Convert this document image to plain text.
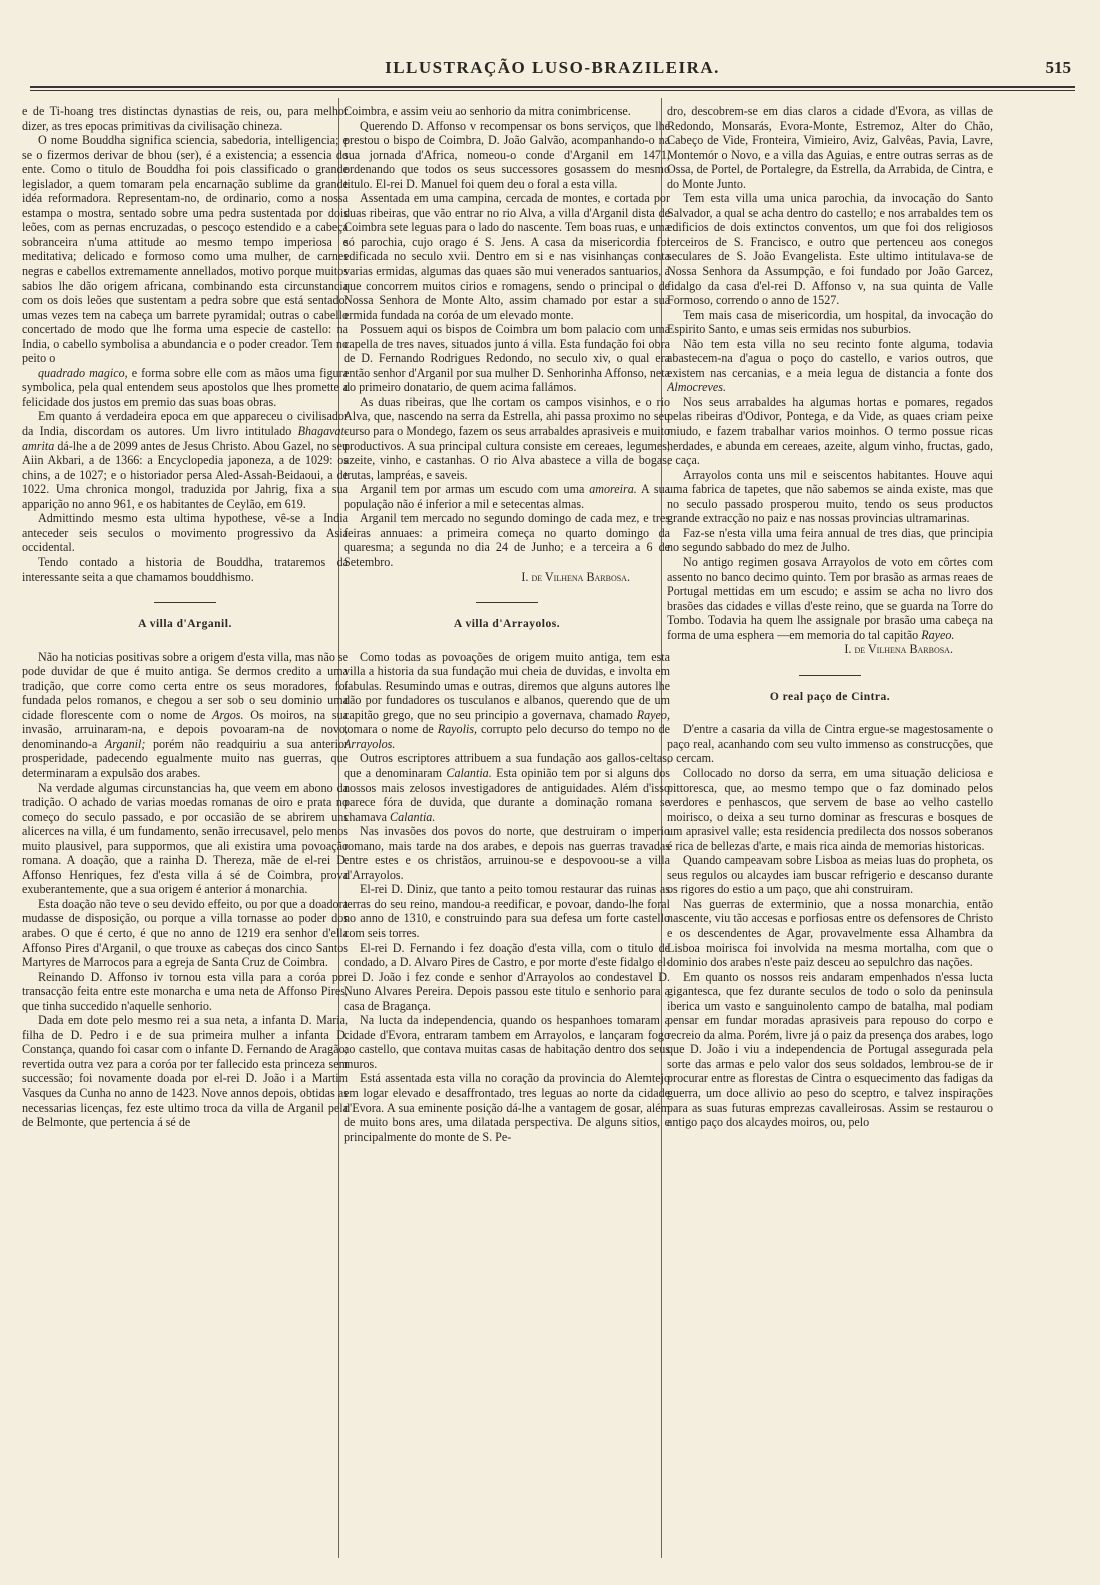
ILLUSTRAÇÃO LUSO-BRAZILEIRA.	515

e de Ti-hoang tres distinctas dynastias de reis, ou, para melhor dizer, as tres epocas primitivas da civilisação chineza.

O nome Bouddha significa sciencia, sabedoria, intelligencia; e se o fizermos derivar de bhou (ser), é a existencia; a essencia do ente. Como o titulo de Bouddha foi pois classificado o grande legislador, a quem tomaram pela encarnação sublime da grande idéa reformadora. Representam-no, de ordinario, como a nossa estampa o mostra, sentado sobre uma pedra sustentada por dois leões, com as pernas encruzadas, o pescoço estendido e a cabeça sobranceira n'uma attitude ao mesmo tempo imperiosa e meditativa; delicado e formoso como uma mulher, de carnes negras e cabellos extremamente annellados, motivo porque muitos sabios lhe dão origem africana, combinando esta circunstancia com os dois leões que sustentam a pedra sobre que está sentado: umas vezes tem na cabeça um barrete pyramidal; outras o cabello concertado de modo que lhe forma uma especie de castello: na India, o cabello symbolisa a abundancia e o poder creador. Tem no peito o

quadrado magico, e forma sobre elle com as mãos uma figura symbolica, pela qual entendem seus apostolos que lhes promette a felicidade dos justos em premio das suas boas obras.

Em quanto á verdadeira epoca em que appareceu o civilisador da India, discordam os autores. Um livro intitulado Bhagavat-amrita dá-lhe a de 2099 antes de Jesus Christo. Abou Gazel, no seu Aiin Akbari, a de 1366: a Encyclopedia japoneza, a de 1029: os chins, a de 1027; e o historiador persa Aled-Assah-Beidaoui, a de 1022. Uma chronica mongol, traduzida por Jahrig, fixa a sua apparição no anno 961, e os habitantes de Ceylão, em 619.

Admittindo mesmo esta ultima hypothese, vê-se a India anteceder seis seculos o movimento progressivo da Asia occidental.

Tendo contado a historia de Bouddha, trataremos da interessante seita a que chamamos bouddhismo.

A villa d'Arganil.

Não ha noticias positivas sobre a origem d'esta villa, mas não se pode duvidar de que é muito antiga. Se dermos credito a uma tradição, que corre como certa entre os seus moradores, foi fundada pelos romanos, e chegou a ser sob o seu dominio uma cidade florescente com o nome de Argos. Os moiros, na sua invasão, arruinaram-na, e depois povoaram-na de novo, denominando-a Arganil; porém não readquiriu a sua anterior prosperidade, padecendo egualmente muito nas guerras, que determinaram a expulsão dos arabes.

Na verdade algumas circunstancias ha, que veem em abono da tradição. O achado de varias moedas romanas de oiro e prata no começo do seculo passado, e por occasião de se abrirem uns alicerces na villa, é um fundamento, senão irrecusavel, pelo menos muito plausivel, para suppormos, que ali existira uma povoação romana. A doação, que a rainha D. Thereza, mãe de el-rei D. Affonso Henriques, fez d'esta villa á sé de Coimbra, prova exuberantemente, que a sua origem é anterior á monarchia.

Esta doação não teve o seu devido effeito, ou por que a doadora mudasse de disposição, ou porque a villa tornasse ao poder dos arabes. O que é certo, é que no anno de 1219 era senhor d'ella Affonso Pires d'Arganil, o que trouxe as cabeças dos cinco Santos Martyres de Marrocos para a egreja de Santa Cruz de Coimbra.

Reinando D. Affonso iv tornou esta villa para a coróa por transacção feita entre este monarcha e uma neta de Affonso Pires, que tinha succedido n'aquelle senhorio.

Dada em dote pelo mesmo rei a sua neta, a infanta D. Maria, filha de D. Pedro i e de sua primeira mulher a infanta D. Constança, quando foi casar com o infante D. Fernando de Aragão; revertida outra vez para a coróa por ter fallecido esta princeza sem successão; foi novamente doada por el-rei D. João i a Martim Vasques da Cunha no anno de 1423. Nove annos depois, obtidas as necessarias licenças, fez este ultimo troca da villa de Arganil pela de Belmonte, que pertencia á sé de

Coimbra, e assim veiu ao senhorio da mitra conimbricense.

Querendo D. Affonso v recompensar os bons serviços, que lhe prestou o bispo de Coimbra, D. João Galvão, acompanhando-o na sua jornada d'Africa, nomeou-o conde d'Arganil em 1471, ordenando que todos os seus successores gosassem do mesmo titulo. El-rei D. Manuel foi quem deu o foral a esta villa.

Assentada em uma campina, cercada de montes, e cortada por duas ribeiras, que vão entrar no rio Alva, a villa d'Arganil dista de Coimbra sete leguas para o lado do nascente. Tem boas ruas, e uma só parochia, cujo orago é S. Jens. A casa da misericordia foi edificada no seculo xvii. Dentro em si e nas visinhanças conta varias ermidas, algumas das quaes são mui venerados santuarios, a que concorrem muitos cirios e romagens, sendo o principal o de Nossa Senhora de Monte Alto, assim chamado por estar a sua ermida fundada na coróa de um elevado monte.

Possuem aqui os bispos de Coimbra um bom palacio com uma capella de tres naves, situados junto á villa. Esta fundação foi obra de D. Fernando Rodrigues Redondo, no seculo xiv, o qual era então senhor d'Arganil por sua mulher D. Senhorinha Affonso, neta do primeiro donatario, de quem acima fallámos.

As duas ribeiras, que lhe cortam os campos visinhos, e o rio Alva, que, nascendo na serra da Estrella, ahi passa proximo no seu curso para o Mondego, fazem os seus arrabaldes aprasiveis e muito productivos. A sua principal cultura consiste em cereaes, legumes, azeite, vinho, e castanhas. O rio Alva abastece a villa de bogas, trutas, lampréas, e saveis.

Arganil tem por armas um escudo com uma amoreira. A sua população não é inferior a mil e setecentas almas.

Arganil tem mercado no segundo domingo de cada mez, e tres feiras annuaes: a primeira começa no quarto domingo da quaresma; a segunda no dia 24 de Junho; e a terceira a 6 de Setembro.

I. de Vilhena Barbosa.

A villa d'Arrayolos.

Como todas as povoações de origem muito antiga, tem esta villa a historia da sua fundação mui cheia de duvidas, e involta em fabulas. Resumindo umas e outras, diremos que alguns autores lhe dão por fundadores os tusculanos e albanos, querendo que de um capitão grego, que no seu principio a governava, chamado Rayeo, tomara o nome de Rayolis, corrupto pelo decurso do tempo no de Arrayolos.

Outros escriptores attribuem a sua fundação aos gallos-celtas, que a denominaram Calantia. Esta opinião tem por si alguns dos nossos mais zelosos investigadores de antiguidades. Além d'isso parece fóra de duvida, que durante a dominação romana se chamava Calantia.

Nas invasões dos povos do norte, que destruiram o imperio romano, mais tarde na dos arabes, e depois nas guerras travadas entre estes e os christãos, arruinou-se e despovoou-se a villa d'Arrayolos.

El-rei D. Diniz, que tanto a peito tomou restaurar das ruinas as terras do seu reino, mandou-a reedificar, e povoar, dando-lhe foral no anno de 1310, e construindo para sua defesa um forte castello com seis torres.

El-rei D. Fernando i fez doação d'esta villa, com o titulo de condado, a D. Alvaro Pires de Castro, e por morte d'este fidalgo el-rei D. João i fez conde e senhor d'Arrayolos ao condestavel D. Nuno Alvares Pereira. Depois passou este titulo e senhorio para a casa de Bragança.

Na lucta da independencia, quando os hespanhoes tomaram a cidade d'Evora, entraram tambem em Arrayolos, e lançaram fogo ao castello, que contava muitas casas de habitação dentro dos seus muros.

Está assentada esta villa no coração da provincia do Alemtejo em logar elevado e desaffrontado, tres leguas ao norte da cidade d'Evora. A sua eminente posição dá-lhe a vantagem de gosar, além de muito bons ares, uma dilatada perspectiva. De alguns sitios, e principalmente do monte de S. Pe-

dro, descobrem-se em dias claros a cidade d'Evora, as villas de Redondo, Monsarás, Evora-Monte, Estremoz, Alter do Chão, Cabeço de Vide, Fronteira, Vimieiro, Aviz, Galvêas, Pavia, Lavre, Montemór o Novo, e a villa das Aguias, e entre outras serras as de Ossa, de Portel, de Portalegre, da Estrella, da Arrabida, de Cintra, e do Monte Junto.

Tem esta villa uma unica parochia, da invocação do Santo Salvador, a qual se acha dentro do castello; e nos arrabaldes tem os edificios de dois extinctos conventos, um que foi dos religiosos terceiros de S. Francisco, e outro que pertenceu aos conegos seculares de S. João Evangelista. Este ultimo intitulava-se de Nossa Senhora da Assumpção, e foi fundado por João Garcez, fidalgo da casa d'el-rei D. Affonso v, na sua quinta de Valle Formoso, correndo o anno de 1527.

Tem mais casa de misericordia, um hospital, da invocação do Espirito Santo, e umas seis ermidas nos suburbios.

Não tem esta villa no seu recinto fonte alguma, todavia abastecem-na d'agua o poço do castello, e varios outros, que existem nas cercanias, e a meia legua de distancia a fonte dos Almocreves.

Nos seus arrabaldes ha algumas hortas e pomares, regados pelas ribeiras d'Odivor, Pontega, e da Vide, as quaes criam peixe miudo, e fazem trabalhar varios moinhos. O termo possue ricas herdades, e abunda em cereaes, azeite, algum vinho, fructas, gado, e caça.

Arrayolos conta uns mil e seiscentos habitantes. Houve aqui uma fabrica de tapetes, que não sabemos se ainda existe, mas que no seculo passado prosperou muito, tendo os seus productos grande extracção no paiz e nas nossas provincias ultramarinas.

Faz-se n'esta villa uma feira annual de tres dias, que principia no segundo sabbado do mez de Julho.

No antigo regimen gosava Arrayolos de voto em côrtes com assento no banco decimo quinto. Tem por brasão as armas reaes de Portugal mettidas em um escudo; e assim se acha no livro dos brasões das cidades e villas d'este reino, que se guarda na Torre do Tombo. Todavia ha quem lhe assignale por brasão uma cabeça na forma de uma esphera —em memoria do tal capitão Rayeo.

I. de Vilhena Barbosa.

O real paço de Cintra.

D'entre a casaria da villa de Cintra ergue-se magestosamente o paço real, acanhando com seu vulto immenso as construcções, que o cercam.

Collocado no dorso da serra, em uma situação deliciosa e pittoresca, que, ao mesmo tempo que o faz dominado pelos verdores e penhascos, que servem de base ao velho castello moirisco, o deixa a seu turno dominar as frescuras e bosques de um aprasivel valle; esta residencia predilecta dos nossos soberanos é rica de bellezas d'arte, e mais rica ainda de memorias historicas.

Quando campeavam sobre Lisboa as meias luas do propheta, os seus regulos ou alcaydes iam buscar refrigerio e descanso durante os rigores do estio a um paço, que ahi construiram.

Nas guerras de exterminio, que a nossa monarchia, então nascente, viu tão accesas e porfiosas entre os defensores de Christo e os descendentes de Agar, provavelmente essa Alhambra da Lisboa moirisca foi involvida na mesma mortalha, com que o dominio dos arabes n'este paiz desceu ao sepulchro das nações.

Em quanto os nossos reis andaram empenhados n'essa lucta gigantesca, que fez durante seculos de todo o solo da peninsula iberica um vasto e sanguinolento campo de batalha, mal podiam pensar em fundar moradas aprasiveis para repouso do corpo e recreio da alma. Porém, livre já o paiz da presença dos arabes, logo que D. João i viu a independencia de Portugal assegurada pela sorte das armas e pelo valor dos seus soldados, lembrou-se de ir procurar entre as florestas de Cintra o esquecimento das fadigas da guerra, um doce allivio ao peso do sceptro, e talvez inspirações para as suas futuras emprezas cavalleirosas. Assim se restaurou o antigo paço dos alcaydes moiros, ou, pelo
